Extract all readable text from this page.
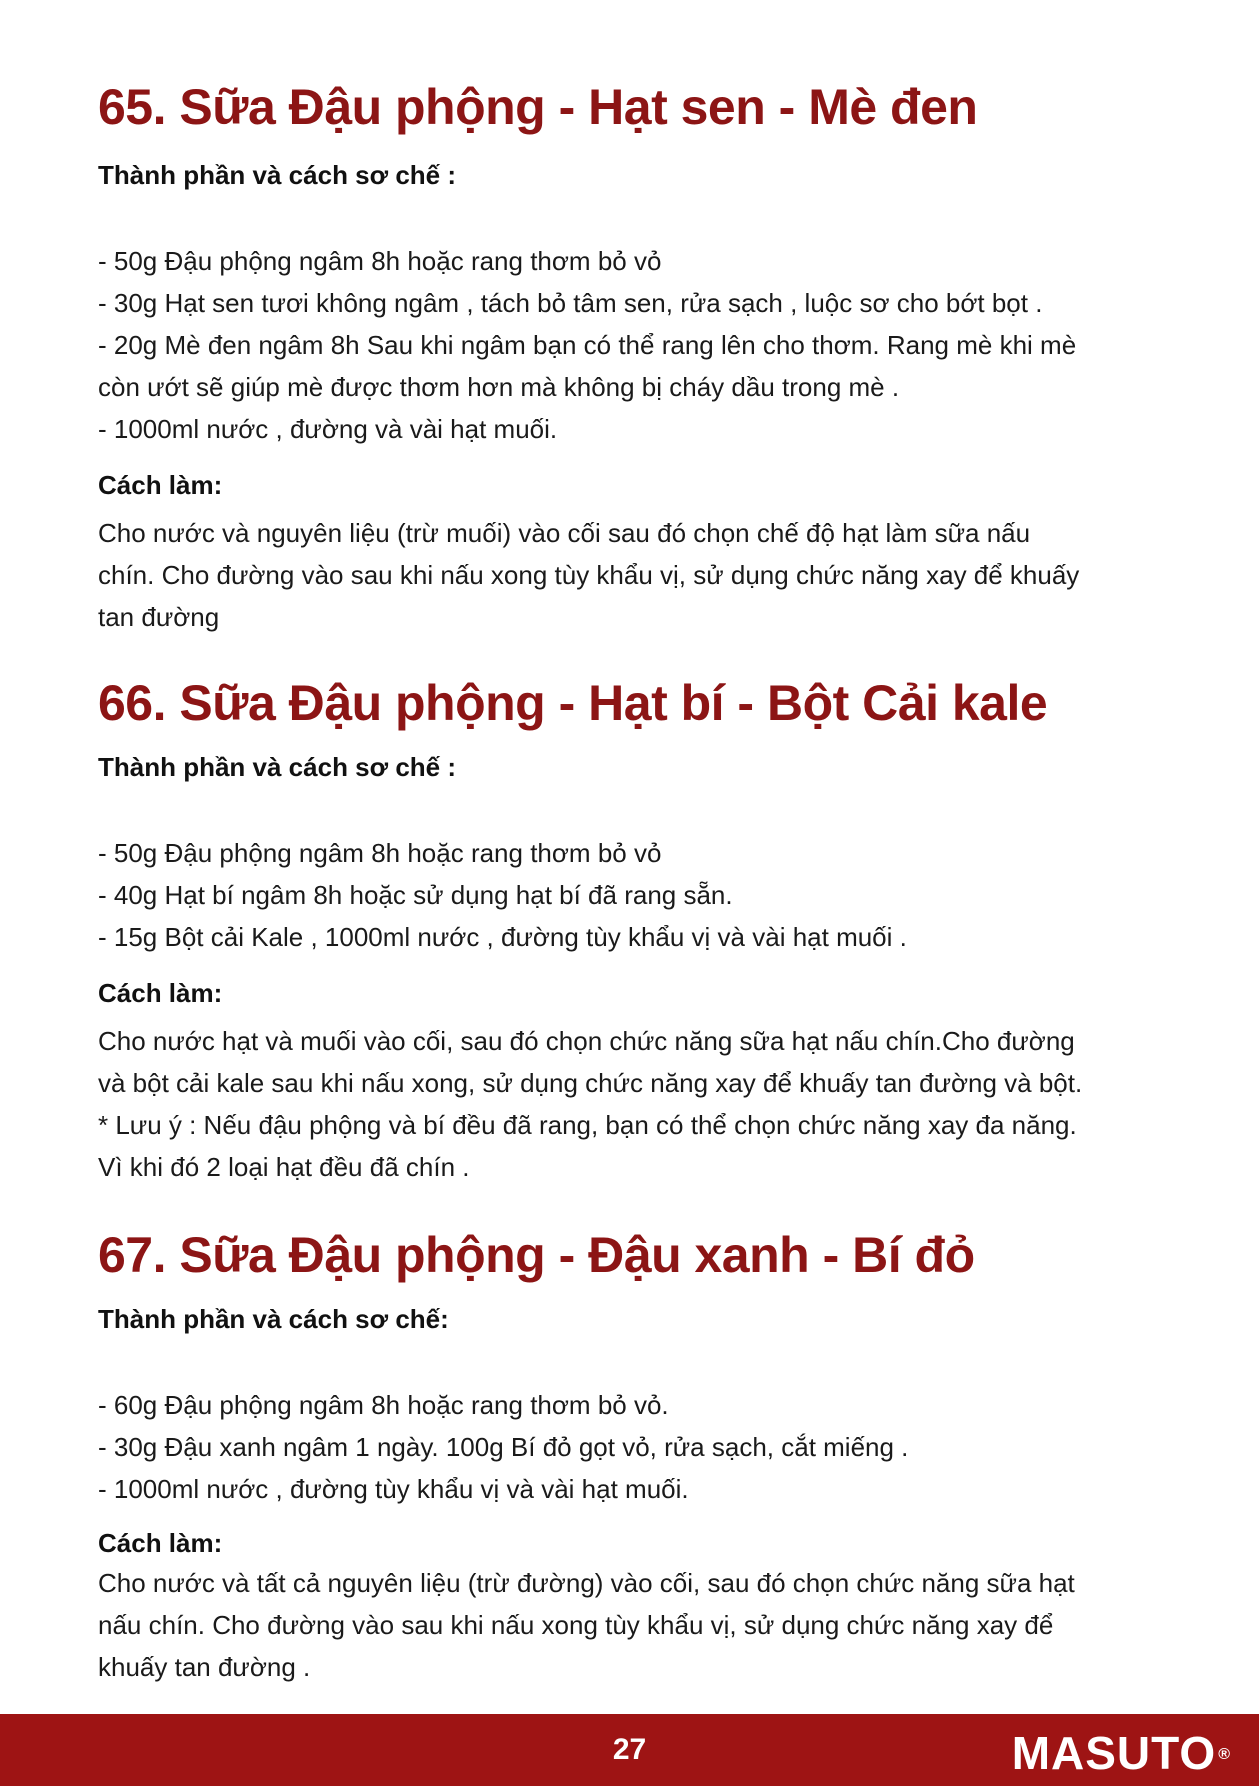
65. Sữa Đậu phộng - Hạt sen - Mè đen
Thành phần và cách sơ chế :
- 50g Đậu phộng ngâm 8h hoặc rang thơm bỏ vỏ
- 30g Hạt sen tươi không ngâm , tách bỏ tâm sen, rửa sạch , luộc sơ cho bớt bọt .
- 20g Mè đen ngâm 8h Sau khi ngâm bạn có thể rang lên cho thơm. Rang mè khi mè
còn ướt sẽ giúp mè được thơm hơn mà không bị cháy dầu trong mè .
- 1000ml nước , đường và vài hạt muối.
Cách làm:
Cho nước và nguyên liệu (trừ muối) vào cối sau đó chọn chế độ hạt làm sữa nấu
chín. Cho đường vào sau khi nấu xong tùy khẩu vị, sử dụng chức năng xay để khuấy
tan đường
66. Sữa Đậu phộng - Hạt bí - Bột Cải kale
Thành phần và cách sơ chế :
- 50g Đậu phộng ngâm 8h hoặc rang thơm bỏ vỏ
- 40g Hạt bí ngâm 8h hoặc sử dụng hạt bí đã rang sẵn.
- 15g Bột cải Kale , 1000ml nước , đường tùy khẩu vị và vài hạt muối .
Cách làm:
Cho nước hạt và muối vào cối, sau đó chọn chức năng sữa hạt nấu chín.Cho đường
và bột cải kale sau khi nấu xong, sử dụng chức năng xay để khuấy tan đường và bột.
* Lưu ý : Nếu đậu phộng và bí đều đã rang, bạn có thể chọn chức năng xay đa năng.
Vì khi đó 2 loại hạt đều đã chín .
67. Sữa Đậu phộng - Đậu xanh - Bí đỏ
Thành phần và cách sơ chế:
- 60g Đậu phộng ngâm 8h hoặc rang thơm bỏ vỏ.
- 30g Đậu xanh ngâm 1 ngày. 100g Bí đỏ gọt vỏ, rửa sạch, cắt miếng .
- 1000ml nước , đường tùy khẩu vị và vài hạt muối.
Cách làm:
Cho nước và tất cả nguyên liệu (trừ đường) vào cối, sau đó chọn chức năng sữa hạt
nấu chín. Cho đường vào sau khi nấu xong tùy khẩu vị, sử dụng chức năng xay để
khuấy tan đường .
27	MASUTO ®
